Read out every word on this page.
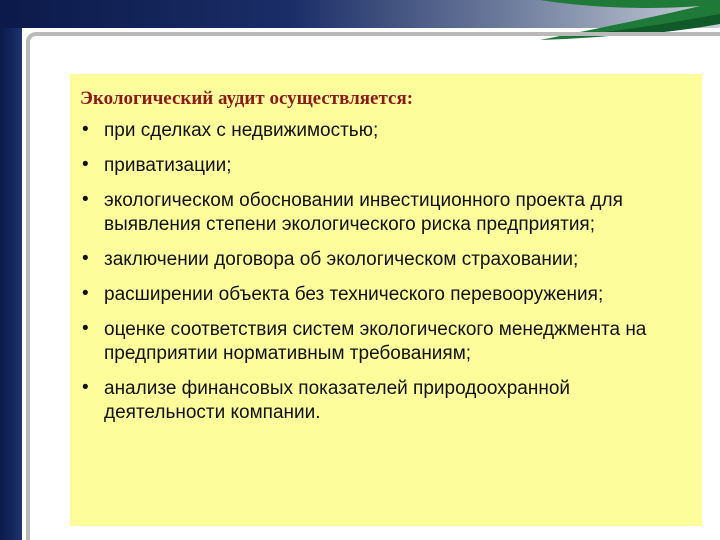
Экологический аудит осуществляется:
• при сделках с недвижимостью;
• приватизации;
• экологическом обосновании инвестиционного проекта для выявления степени экологического риска предприятия;
• заключении договора об экологическом страховании;
• расширении объекта без технического перевооружения;
• оценке соответствия систем экологического менеджмента на предприятии нормативным требованиям;
• анализе финансовых показателей природоохранной деятельности компании.
